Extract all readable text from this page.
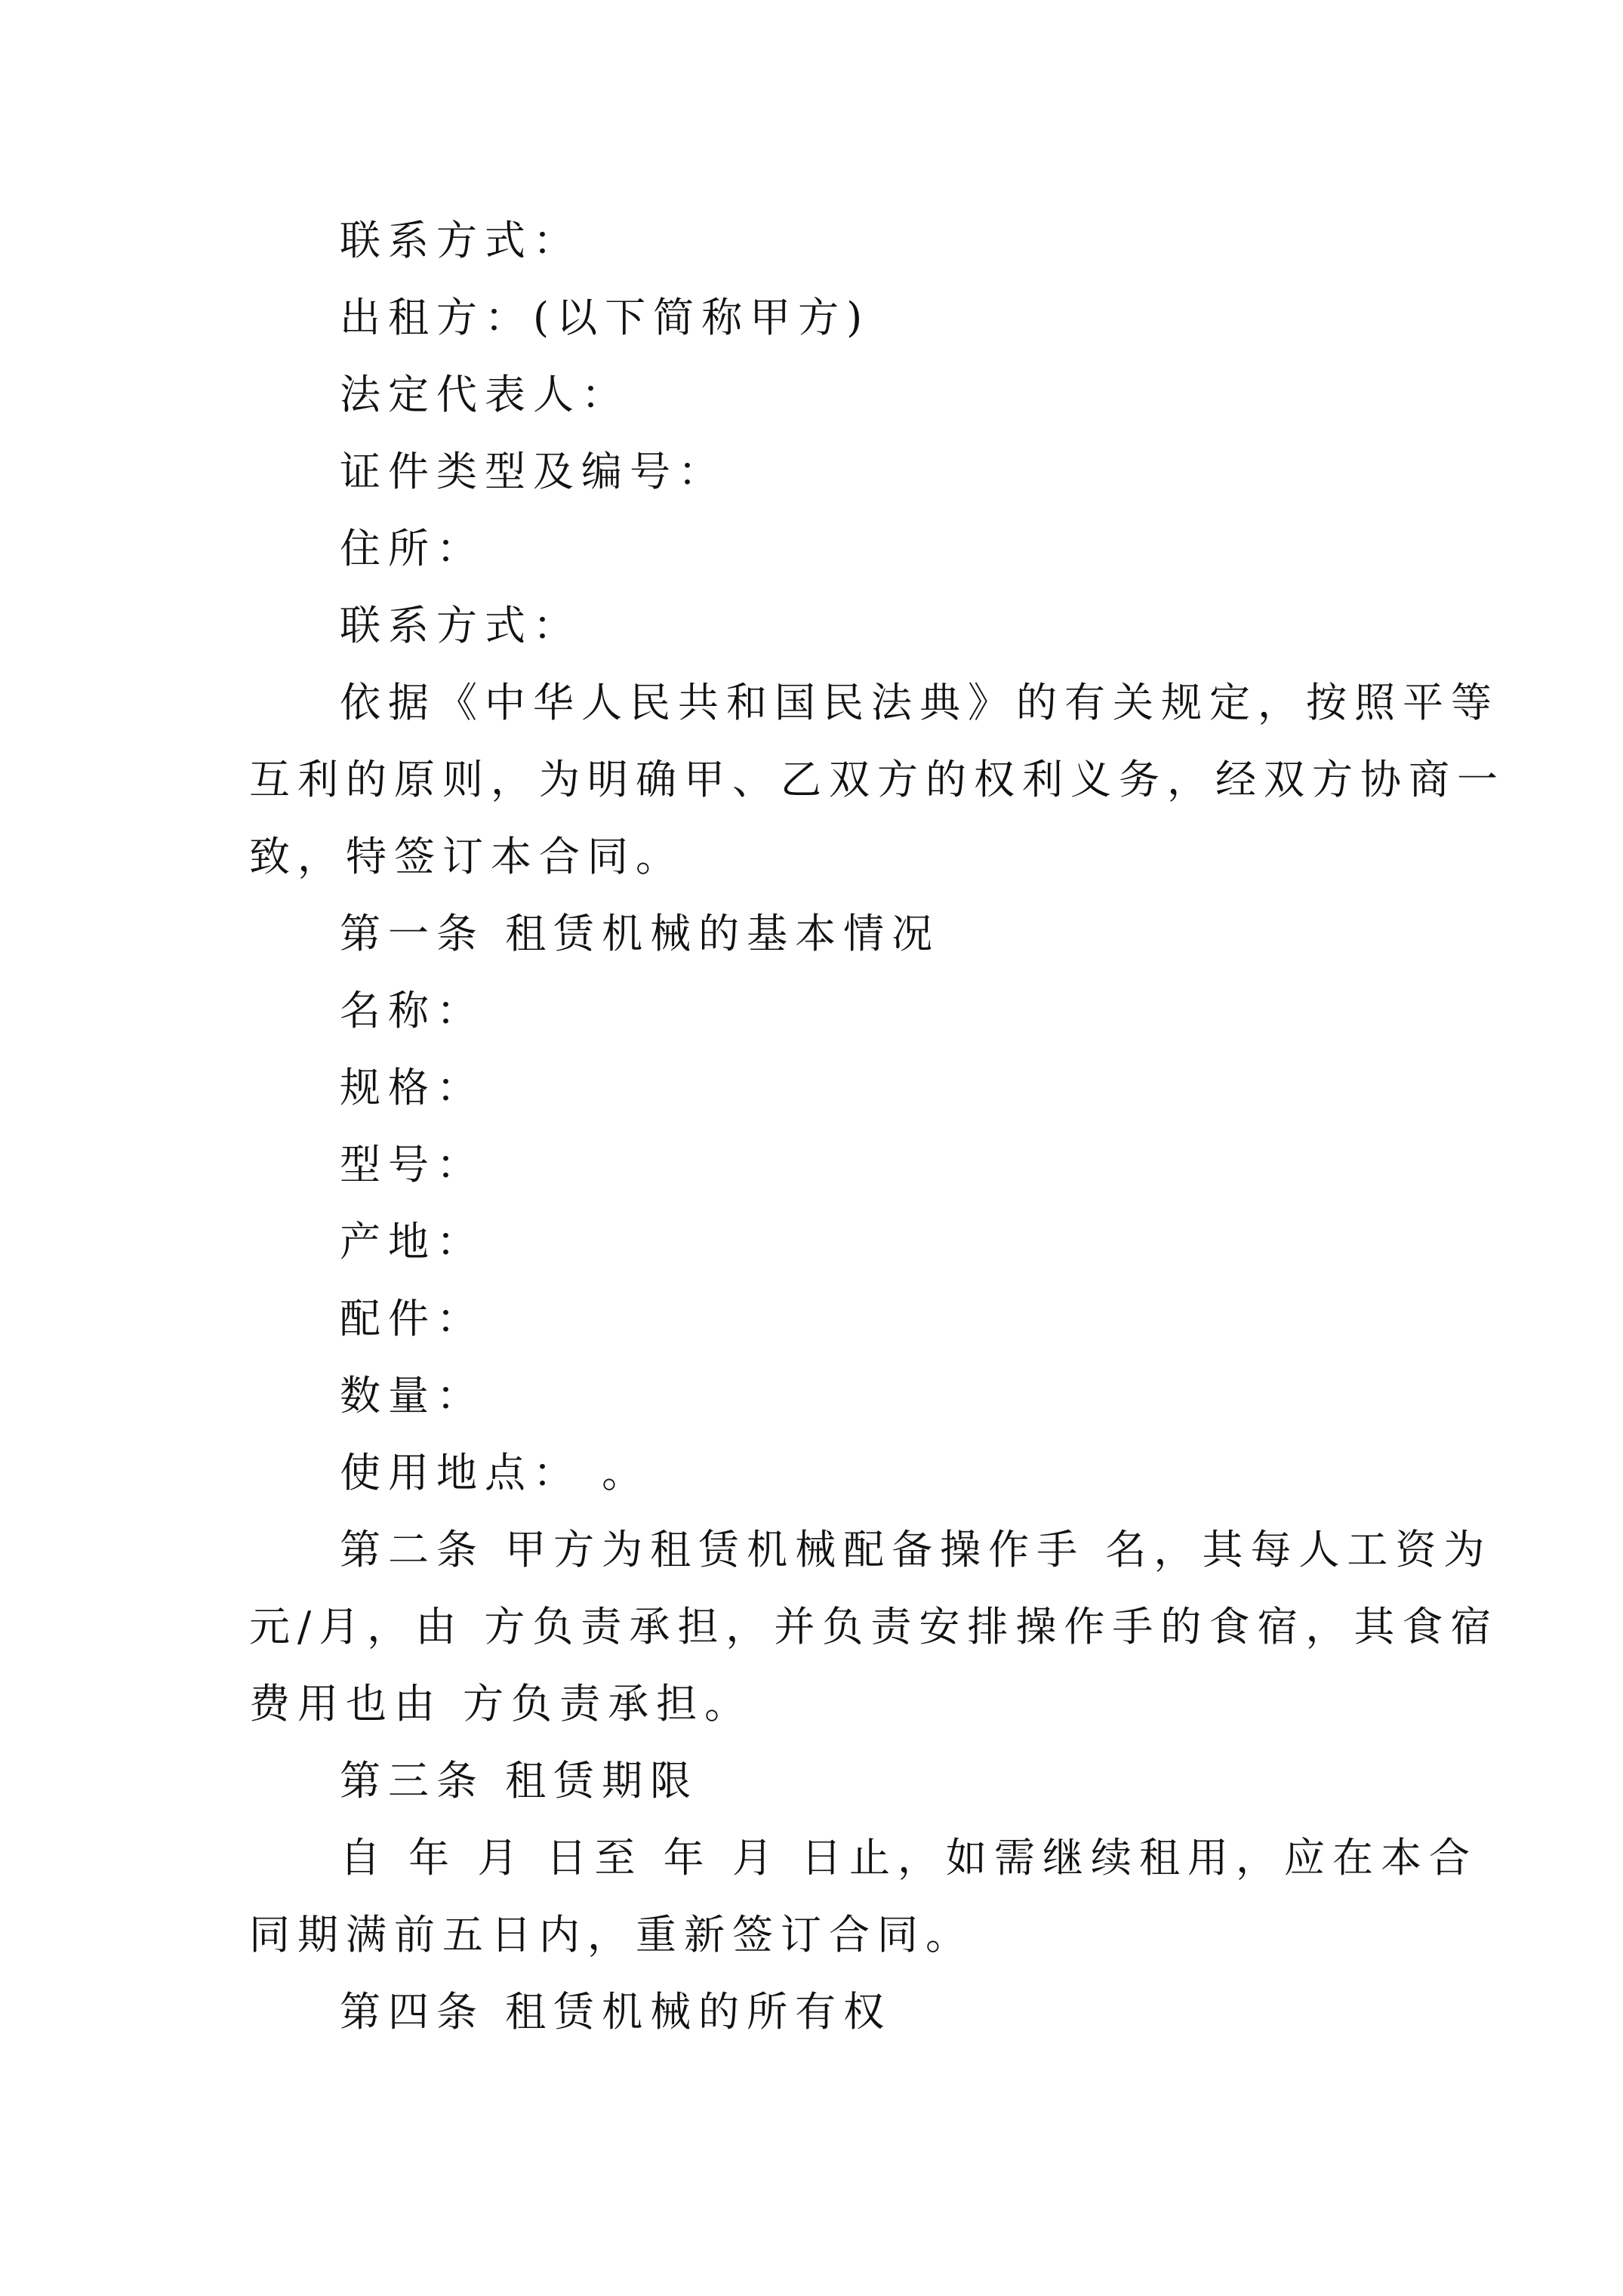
联系方式：
出租方：(以下简称甲方)
法定代表人：
证件类型及编号：
住所：
联系方式：
依据《中华人民共和国民法典》的有关规定，按照平等
互利的原则，为明确甲、乙双方的权利义务，经双方协商一
致，特签订本合同。
第一条 租赁机械的基本情况
名称：
规格：
型号：
产地：
配件：
数量：
使用地点： 。
第二条 甲方为租赁机械配备操作手 名，其每人工资为
元/月，由 方负责承担，并负责安排操作手的食宿，其食宿
费用也由 方负责承担。
第三条 租赁期限
自 年 月 日至 年 月 日止，如需继续租用，应在本合
同期满前五日内，重新签订合同。
第四条 租赁机械的所有权
